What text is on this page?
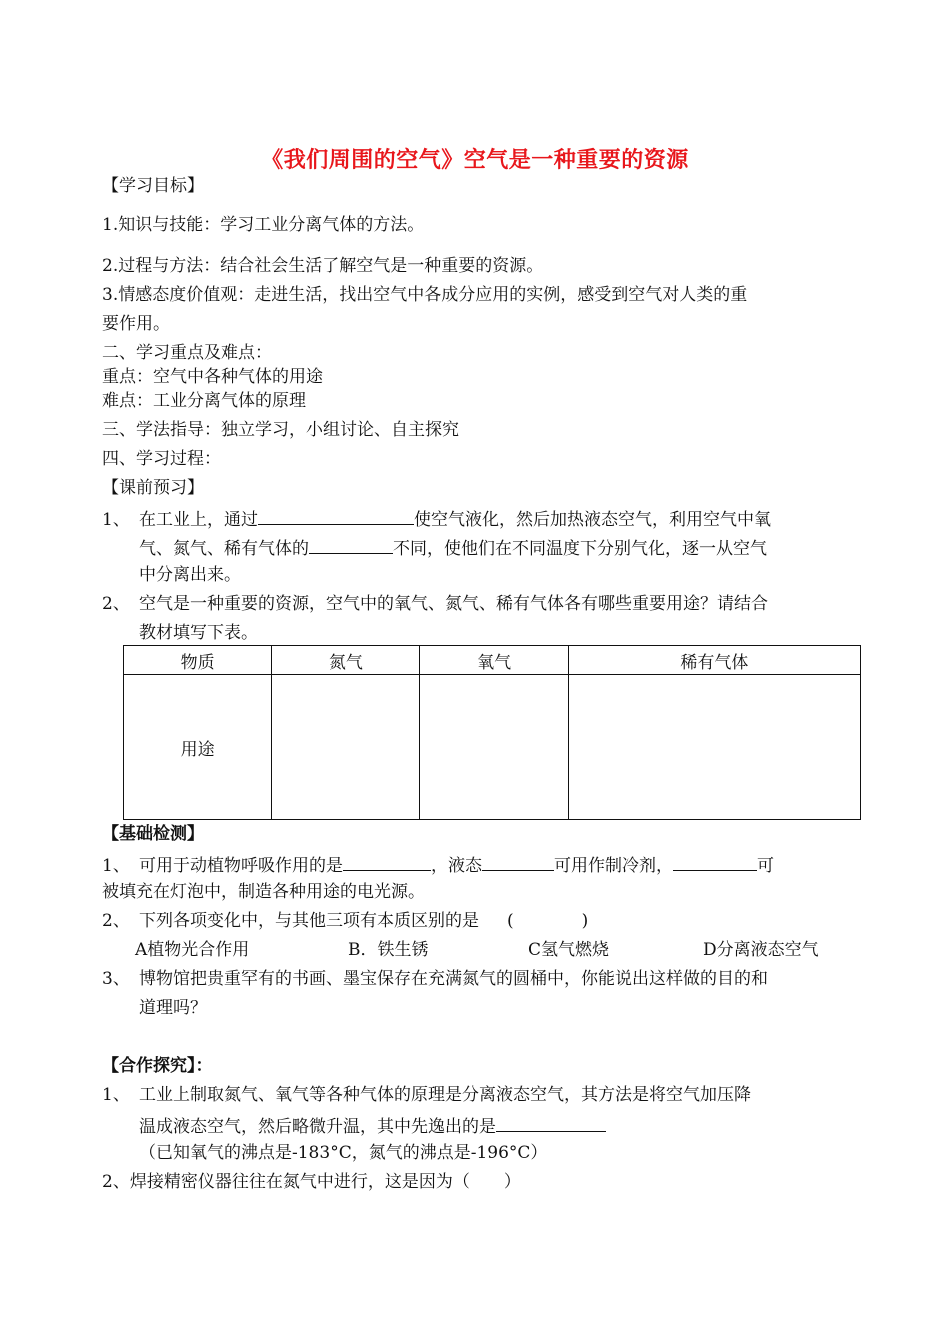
《我们周围的空气》空气是一种重要的资源
【学习目标】
1.知识与技能：学习工业分离气体的方法。
2.过程与方法：结合社会生活了解空气是一种重要的资源。
3.情感态度价值观：走进生活，找出空气中各成分应用的实例，感受到空气对人类的重
要作用。
二、学习重点及难点：
重点：空气中各种气体的用途
难点：工业分离气体的原理
三、学法指导：独立学习，小组讨论、自主探究
四、学习过程：
【课前预习】
1、 在工业上，通过	使空气液化，然后加热液态空气，利用空气中氧
气、氮气、稀有气体的	不同，使他们在不同温度下分别气化，逐一从空气
中分离出来。
2、 空气是一种重要的资源，空气中的氧气、氮气、稀有气体各有哪些重要用途？请结合
教材填写下表。
物质	氮气	氧气	稀有气体
用途			
【基础检测】
1、 可用于动植物呼吸作用的是	，液态	可用作制冷剂，	可
被填充在灯泡中，制造各种用途的电光源。
2、 下列各项变化中，与其他三项有本质区别的是 (　　　　)
A植物光合作用	B．铁生锈	C氢气燃烧	D分离液态空气
3、 博物馆把贵重罕有的书画、墨宝保存在充满氮气的圆桶中，你能说出这样做的目的和
道理吗？
【合作探究】：
1、 工业上制取氮气、氧气等各种气体的原理是分离液态空气，其方法是将空气加压降
温成液态空气，然后略微升温，其中先逸出的是
（已知氧气的沸点是-183°C，氮气的沸点是-196°C）
2、焊接精密仪器往往在氮气中进行，这是因为（　　）
